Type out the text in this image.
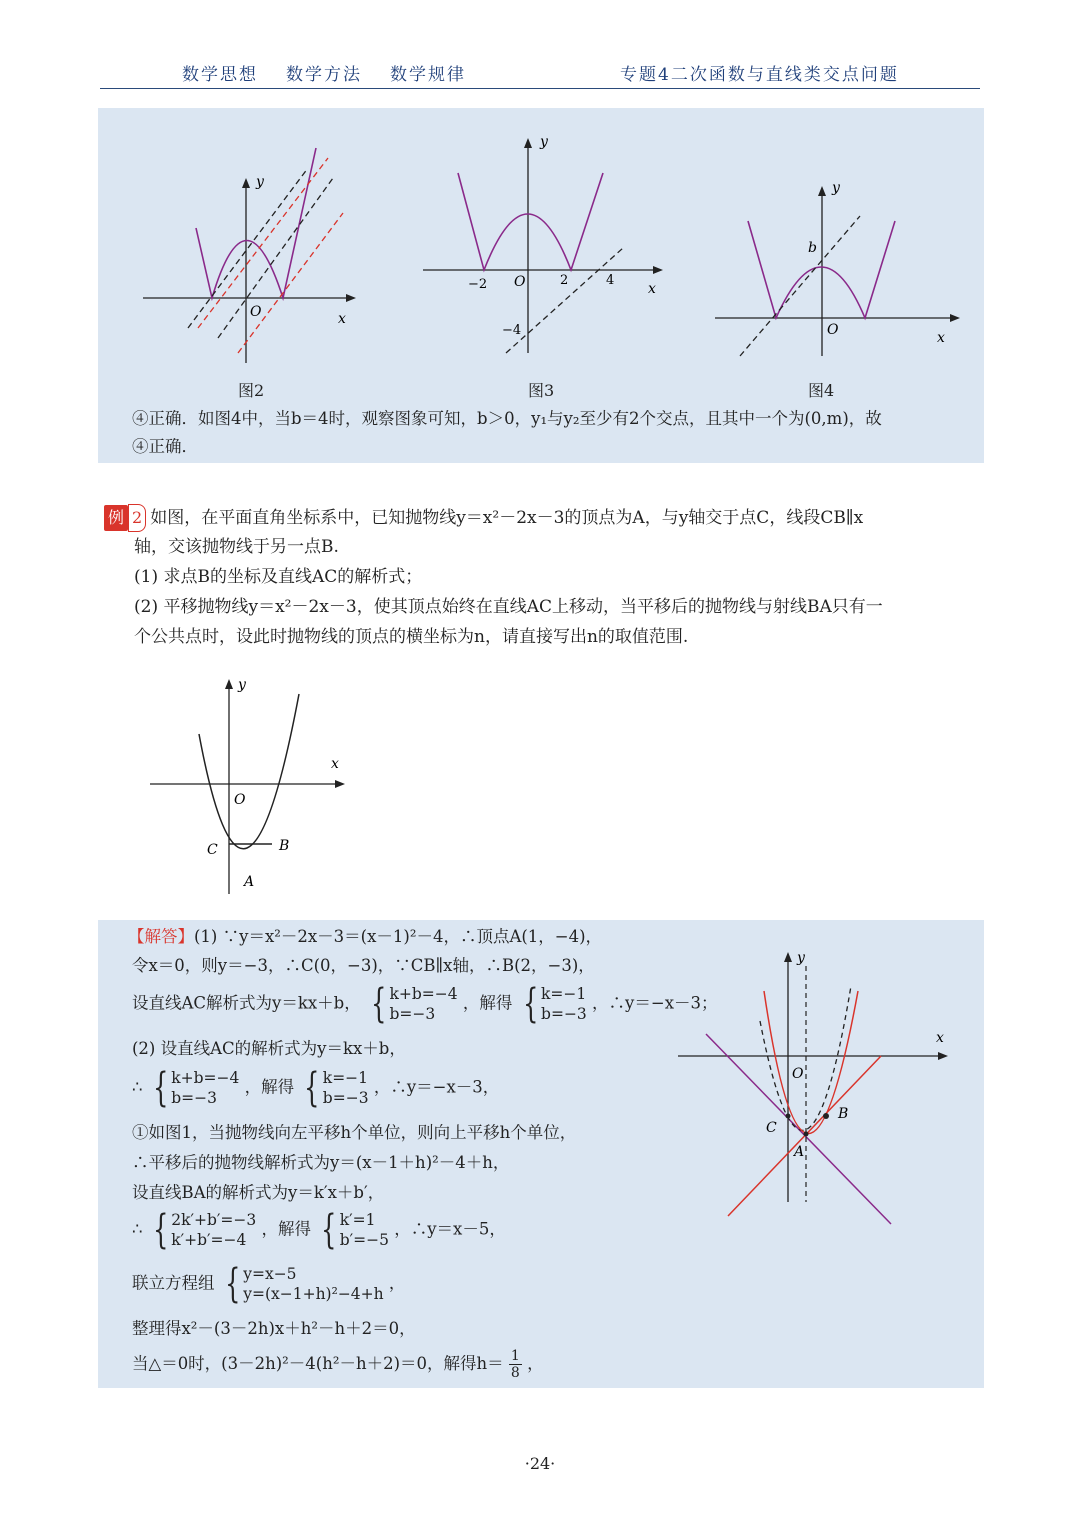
数学思想 数学方法 数学规律	专题4二次函数与直线类交点问题
y
x
O
图2
y
x
O
−2	2	4
−4
图3
y
x
O
b
图4
④正确．如图4中，当b＝4时，观察图象可知，b＞0，y₁与y₂至少有2个交点，且其中一个为(0,m)，故
④正确．
例 2 如图，在平面直角坐标系中，已知抛物线y＝x²－2x－3的顶点为A，与y轴交于点C，线段CB∥x
轴，交该抛物线于另一点B.
(1) 求点B的坐标及直线AC的解析式；
(2) 平移抛物线y＝x²－2x－3，使其顶点始终在直线AC上移动，当平移后的抛物线与射线BA只有一
个公共点时，设此时抛物线的顶点的横坐标为n，请直接写出n的取值范围.
y
x
O
C	B
A
【解答】(1) ∵y＝x²－2x－3＝(x－1)²－4，∴顶点A(1，−4)，
令x＝0，则y＝−3，∴C(0，−3)，∵CB∥x轴，∴B(2，−3)，
设直线AC解析式为y＝kx＋b， { k+b=−4
b=−3
，解得 { k=−1
b=−3
，∴y＝−x－3；
(2) 设直线AC的解析式为y＝kx＋b，
∴ { k+b=−4
b=−3
，解得 { k=−1
b=−3
，∴y＝−x－3，
①如图1，当抛物线向左平移h个单位，则向上平移h个单位，
∴平移后的抛物线解析式为y＝(x－1＋h)²－4＋h，
设直线BA的解析式为y＝k′x＋b′，
∴ { 2k′+b′=−3
k′+b′=−4
，解得 { k′=1
b′=−5
，∴y＝x－5，
联立方程组 { y=x−5
y=(x−1+h)²−4+h
，
整理得x²－(3－2h)x＋h²－h＋2＝0，
当△＝0时，(3－2h)²－4(h²－h＋2)＝0，解得$h= \frac{1}{8}$ ，
y
x
O
C
B
A
·24·
